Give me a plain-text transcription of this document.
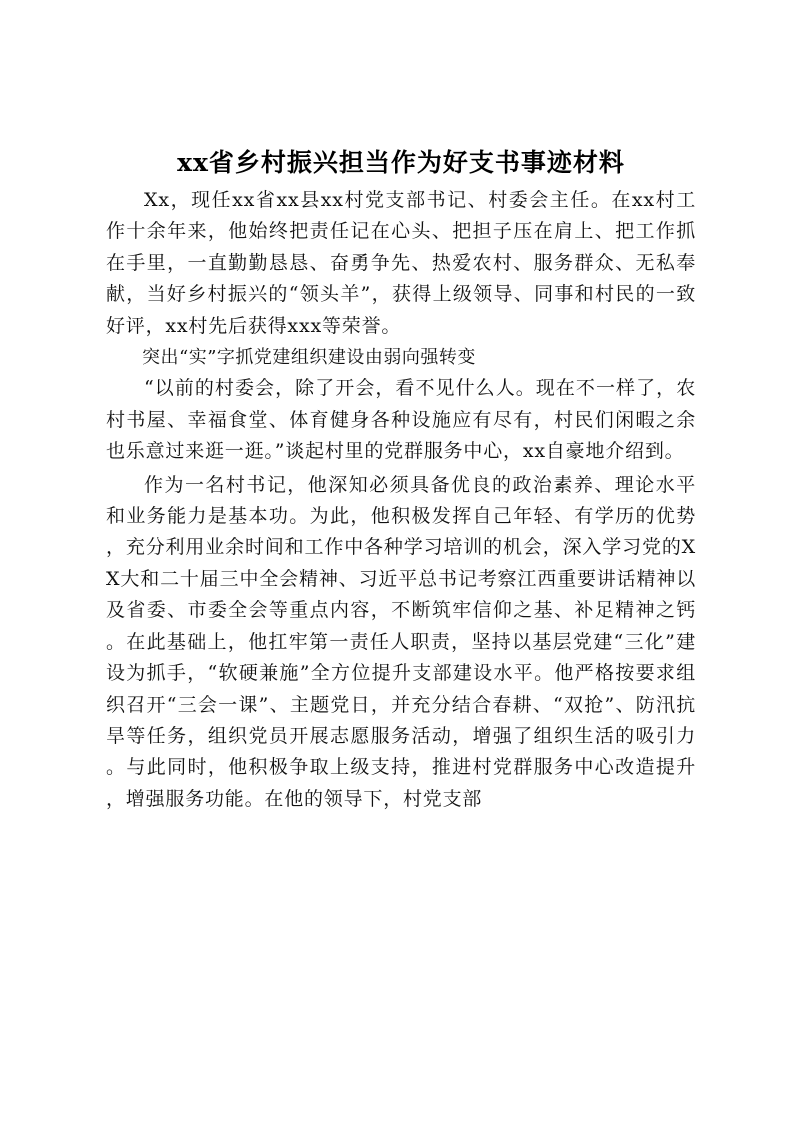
xx省乡村振兴担当作为好支书事迹材料

Xx，现任xx省xx县xx村党支部书记、村委会主任。在xx村工作十余年来，他始终把责任记在心头、把担子压在肩上、把工作抓在手里，一直勤勤恳恳、奋勇争先、热爱农村、服务群众、无私奉献，当好乡村振兴的“领头羊”，获得上级领导、同事和村民的一致好评，xx村先后获得xxx等荣誉。

突出“实”字抓党建组织建设由弱向强转变

“以前的村委会，除了开会，看不见什么人。现在不一样了，农村书屋、幸福食堂、体育健身各种设施应有尽有，村民们闲暇之余也乐意过来逛一逛。”谈起村里的党群服务中心，xx自豪地介绍到。

作为一名村书记，他深知必须具备优良的政治素养、理论水平和业务能力是基本功。为此，他积极发挥自己年轻、有学历的优势，充分利用业余时间和工作中各种学习培训的机会，深入学习党的XX大和二十届三中全会精神、习近平总书记考察江西重要讲话精神以及省委、市委全会等重点内容，不断筑牢信仰之基、补足精神之钙。在此基础上，他扛牢第一责任人职责，坚持以基层党建“三化”建设为抓手，“软硬兼施”全方位提升支部建设水平。他严格按要求组织召开“三会一课”、主题党日，并充分结合春耕、“双抢”、防汛抗旱等任务，组织党员开展志愿服务活动，增强了组织生活的吸引力。与此同时，他积极争取上级支持，推进村党群服务中心改造提升，增强服务功能。在他的领导下，村党支部
